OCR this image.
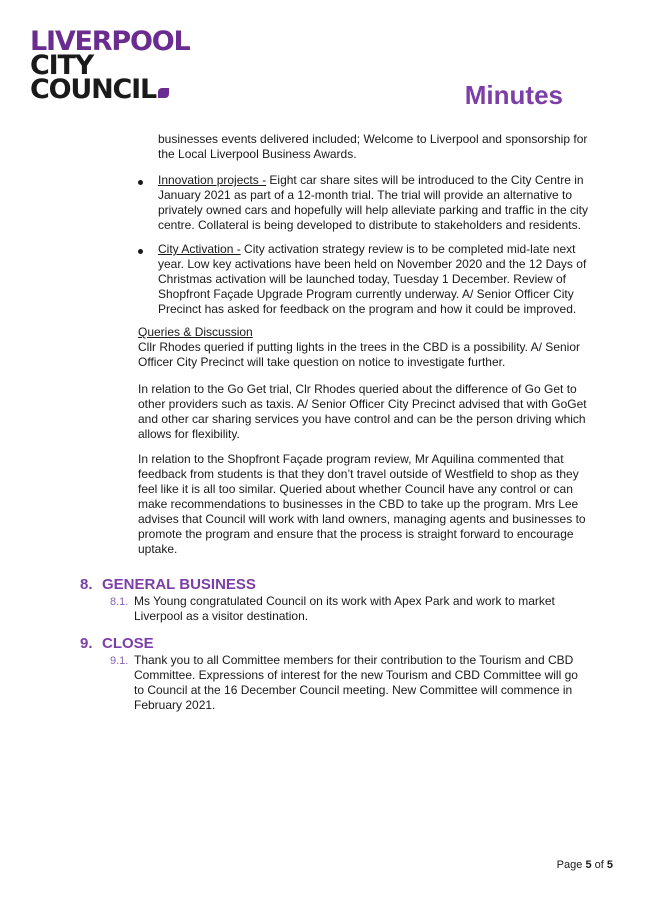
LIVERPOOL
CITY
COUNCIL	Minutes

businesses events delivered included; Welcome to Liverpool and sponsorship for the Local Liverpool Business Awards.

Innovation projects - Eight car share sites will be introduced to the City Centre in January 2021 as part of a 12-month trial. The trial will provide an alternative to privately owned cars and hopefully will help alleviate parking and traffic in the city centre. Collateral is being developed to distribute to stakeholders and residents.

City Activation - City activation strategy review is to be completed mid-late next year. Low key activations have been held on November 2020 and the 12 Days of Christmas activation will be launched today, Tuesday 1 December. Review of Shopfront Façade Upgrade Program currently underway. A/ Senior Officer City Precinct has asked for feedback on the program and how it could be improved.

Queries & Discussion

Cllr Rhodes queried if putting lights in the trees in the CBD is a possibility. A/ Senior Officer City Precinct will take question on notice to investigate further.

In relation to the Go Get trial, Clr Rhodes queried about the difference of Go Get to other providers such as taxis. A/ Senior Officer City Precinct advised that with GoGet and other car sharing services you have control and can be the person driving which allows for flexibility.

In relation to the Shopfront Façade program review, Mr Aquilina commented that feedback from students is that they don’t travel outside of Westfield to shop as they feel like it is all too similar. Queried about whether Council have any control or can make recommendations to businesses in the CBD to take up the program. Mrs Lee advises that Council will work with land owners, managing agents and businesses to promote the program and ensure that the process is straight forward to encourage uptake.

8. GENERAL BUSINESS
8.1. Ms Young congratulated Council on its work with Apex Park and work to market Liverpool as a visitor destination.

9. CLOSE
9.1. Thank you to all Committee members for their contribution to the Tourism and CBD Committee. Expressions of interest for the new Tourism and CBD Committee will go to Council at the 16 December Council meeting. New Committee will commence in February 2021.

Page 5 of 5
